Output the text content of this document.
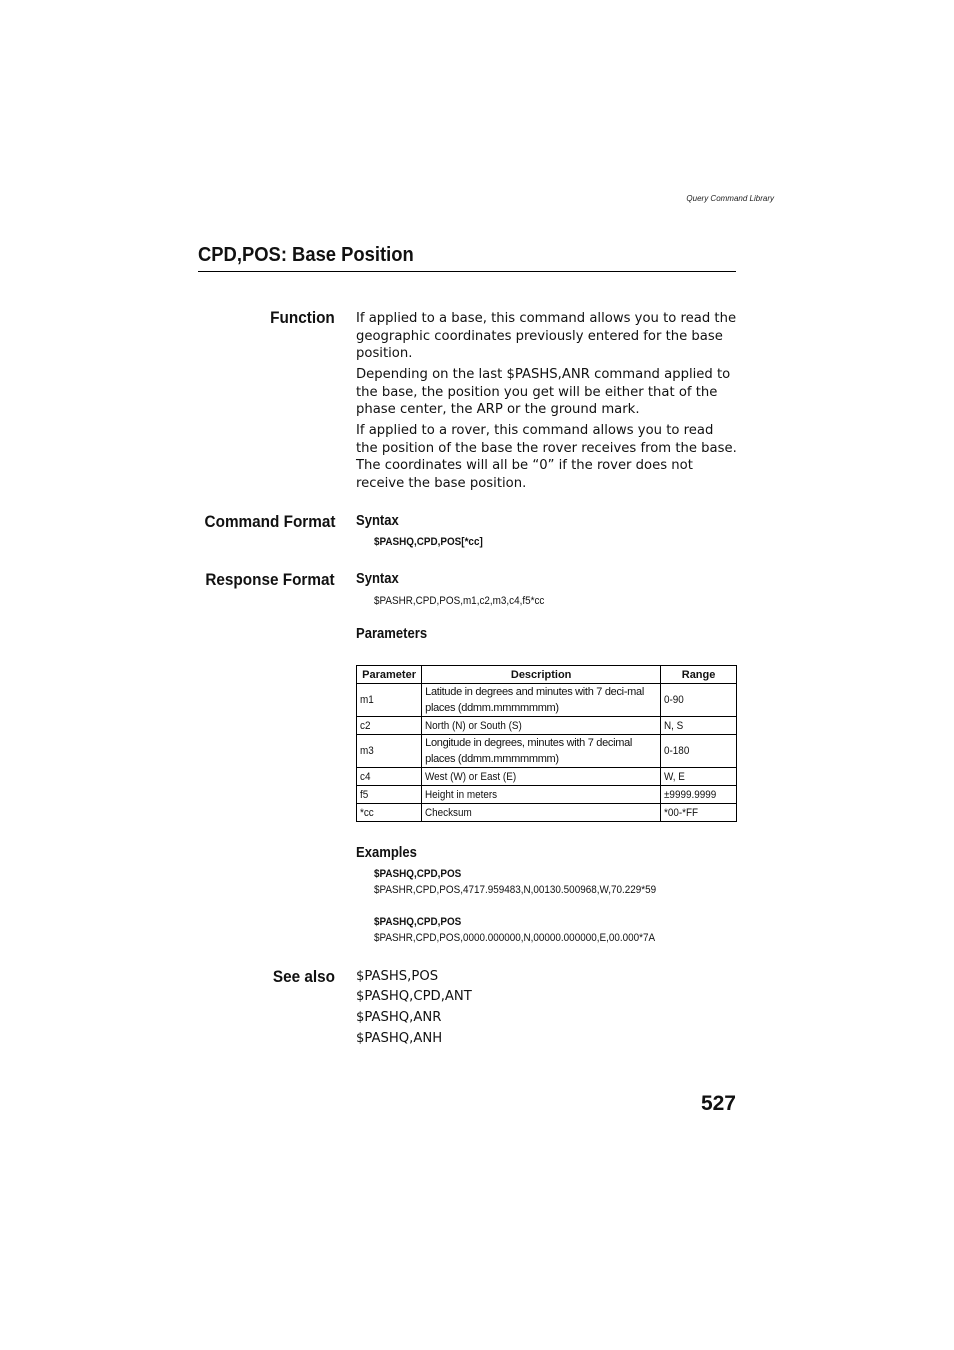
Query Command Library
CPD,POS: Base Position
Function If applied to a base, this command allows you to read the geographic coordinates previously entered for the base position.

Depending on the last $PASHS,ANR command applied to the base, the position you get will be either that of the phase center, the ARP or the ground mark.

If applied to a rover, this command allows you to read the position of the base the rover receives from the base. The coordinates will all be “0” if the rover does not receive the base position.

Command Format Syntax
$PASHQ,CPD,POS[*cc]
Response Format Syntax
$PASHR,CPD,POS,m1,c2,m3,c4,f5*cc
Parameters
Parameter	Description	Range
m1	Latitude in degrees and minutes with 7 deci-mal places (ddmm.mmmmmmm)	0-90
c2	North (N) or South (S)	N, S
m3	Longitude in degrees, minutes with 7 decimal places (ddmm.mmmmmmm)	0-180
c4	West (W) or East (E)	W, E
f5	Height in meters	±9999.9999
*cc	Checksum	*00-*FF
Examples
$PASHQ,CPD,POS
$PASHR,CPD,POS,4717.959483,N,00130.500968,W,70.229*59
$PASHQ,CPD,POS
$PASHR,CPD,POS,0000.000000,N,00000.000000,E,00.000*7A
See also $PASHS,POS
$PASHQ,CPD,ANT
$PASHQ,ANR
$PASHQ,ANH
527
